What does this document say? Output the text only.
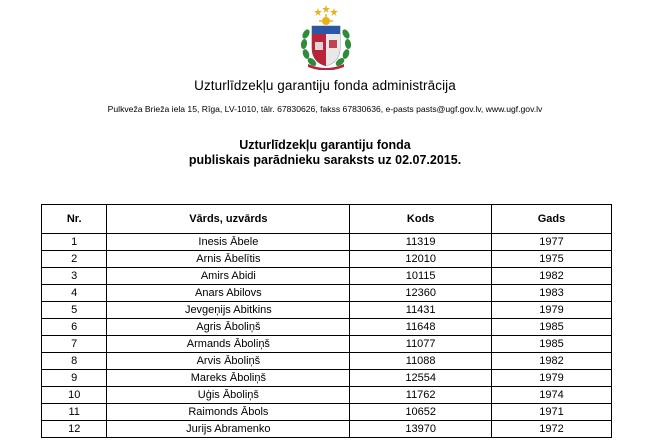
Uzturlīdzekļu garantiju fonda administrācija
Pulkveža Brieža iela 15, Rīga, LV-1010, tālr. 67830626, fakss 67830636, e-pasts pasts@ugf.gov.lv, www.ugf.gov.lv
Uzturlīdzekļu garantiju fonda
publiskais parādnieku saraksts uz 02.07.2015.
Nr.	Vārds, uzvārds	Kods	Gads
1	Inesis Ābele	11319	1977
2	Arnis Ābelītis	12010	1975
3	Amirs Abidi	10115	1982
4	Anars Abilovs	12360	1983
5	Jevgeņijs Abitkins	11431	1979
6	Agris Āboliņš	11648	1985
7	Armands Āboliņš	11077	1985
8	Arvis Āboliņš	11088	1982
9	Mareks Āboliņš	12554	1979
10	Uģis Āboliņš	11762	1974
11	Raimonds Ābols	10652	1971
12	Jurijs Abramenko	13970	1972
